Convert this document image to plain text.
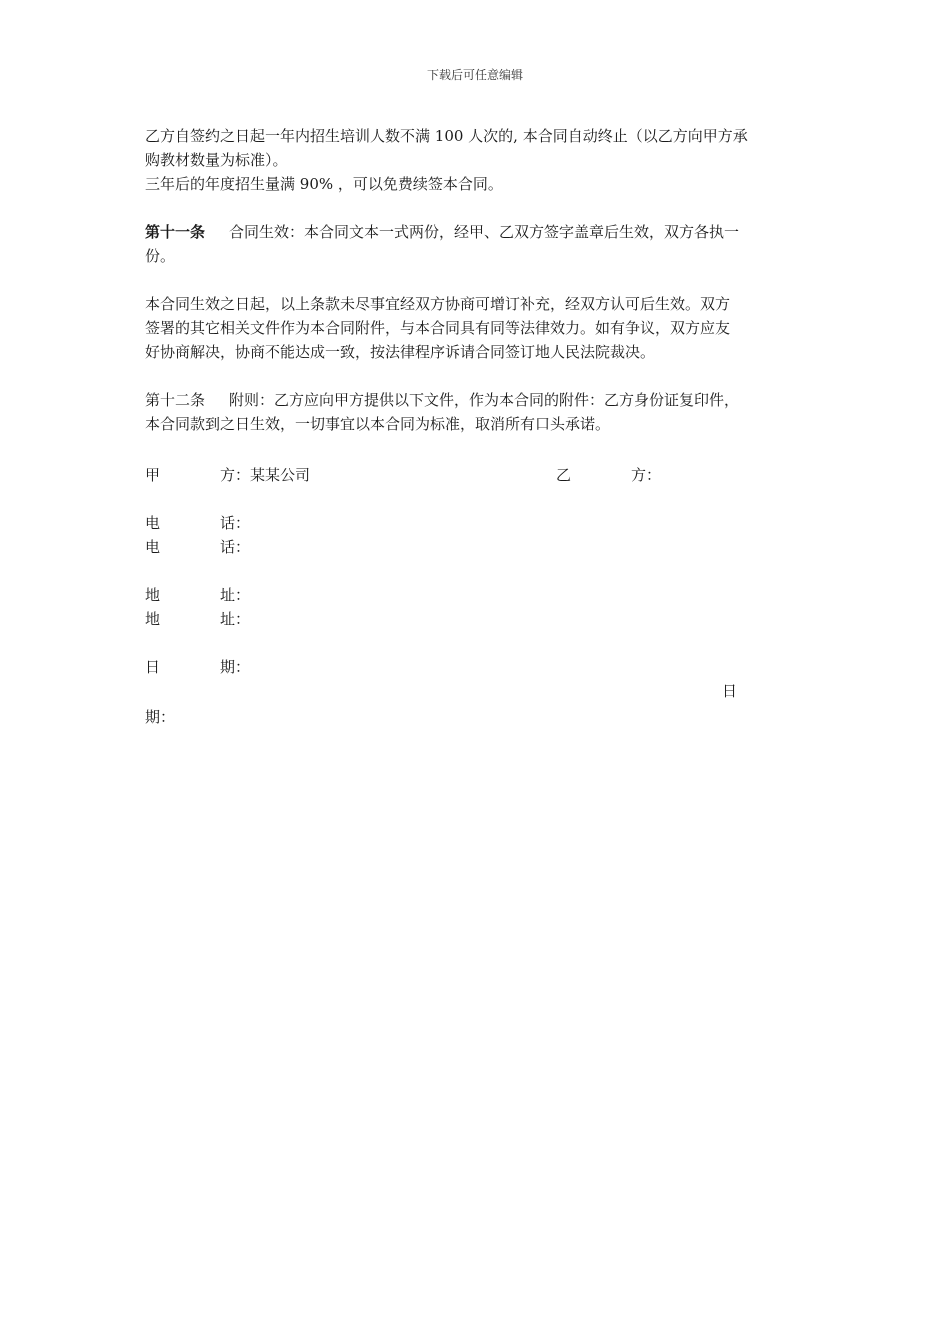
下载后可任意编辑

乙方自签约之日起一年内招生培训人数不满 100 人次的, 本合同自动终止（以乙方向甲方承

购教材数量为标准）。

三年后的年度招生量满 90% ，可以免费续签本合同。

第十一条 合同生效：本合同文本一式两份，经甲、乙双方签字盖章后生效，双方各执一

份。

本合同生效之日起，以上条款未尽事宜经双方协商可增订补充，经双方认可后生效。双方

签署的其它相关文件作为本合同附件，与本合同具有同等法律效力。如有争议，双方应友

好协商解决，协商不能达成一致，按法律程序诉请合同签订地人民法院裁决。

第十二条 附则：乙方应向甲方提供以下文件，作为本合同的附件：乙方身份证复印件，

本合同款到之日生效，一切事宜以本合同为标准，取消所有口头承诺。

甲	方：某某公司	乙	方：
电	话：
电	话：
地	址：
地	址：
日	期：
日
期：
